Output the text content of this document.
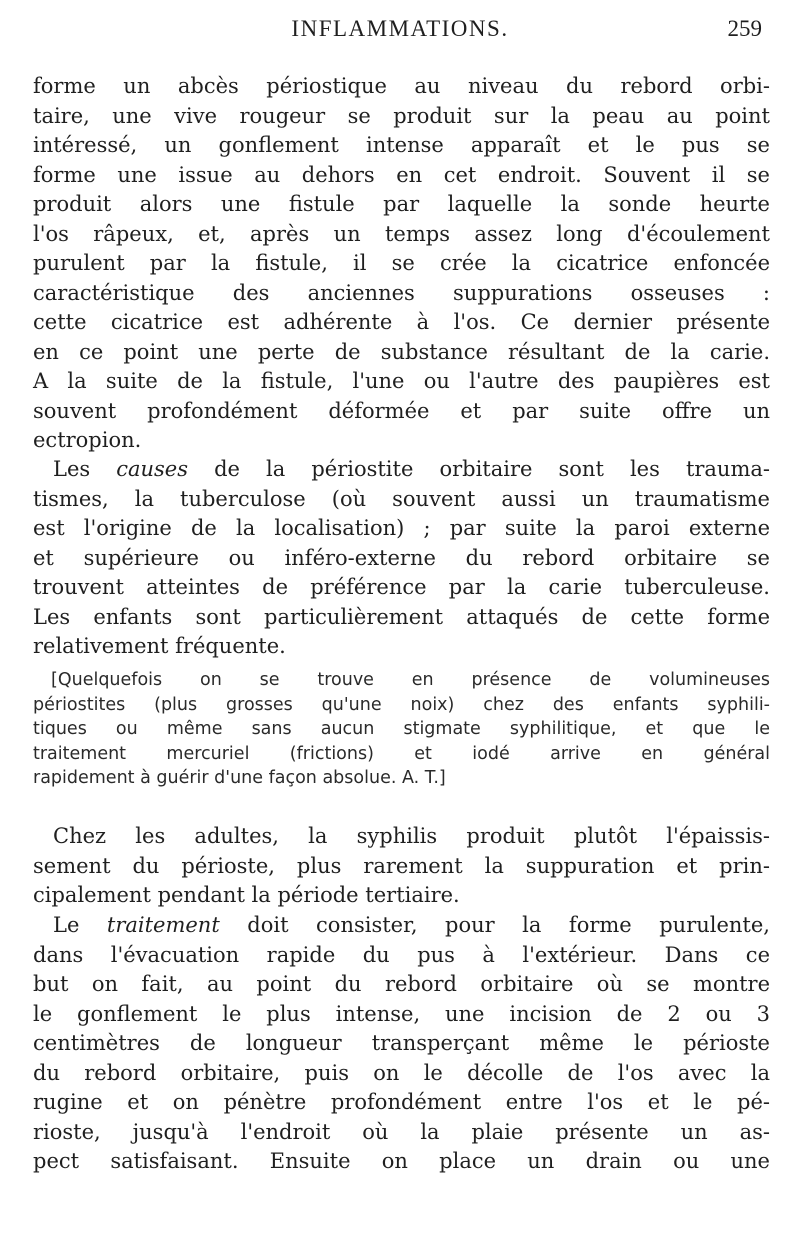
INFLAMMATIONS.	259
forme un abcès périostique au niveau du rebord orbi-
taire, une vive rougeur se produit sur la peau au point
intéressé, un gonflement intense apparaît et le pus se
forme une issue au dehors en cet endroit. Souvent il se
produit alors une fistule par laquelle la sonde heurte
l'os râpeux, et, après un temps assez long d'écoulement
purulent par la fistule, il se crée la cicatrice enfoncée
caractéristique des anciennes suppurations osseuses :
cette cicatrice est adhérente à l'os. Ce dernier présente
en ce point une perte de substance résultant de la carie.
A la suite de la fistule, l'une ou l'autre des paupières est
souvent profondément déformée et par suite offre un
ectropion.
Les causes de la périostite orbitaire sont les trauma-
tismes, la tuberculose (où souvent aussi un traumatisme
est l'origine de la localisation) ; par suite la paroi externe
et supérieure ou inféro-externe du rebord orbitaire se
trouvent atteintes de préférence par la carie tuberculeuse.
Les enfants sont particulièrement attaqués de cette forme
relativement fréquente.
[Quelquefois on se trouve en présence de volumineuses
périostites (plus grosses qu'une noix) chez des enfants syphili-
tiques ou même sans aucun stigmate syphilitique, et que le
traitement mercuriel (frictions) et iodé arrive en général
rapidement à guérir d'une façon absolue. A. T.]
Chez les adultes, la syphilis produit plutôt l'épaissis-
sement du périoste, plus rarement la suppuration et prin-
cipalement pendant la période tertiaire.
Le traitement doit consister, pour la forme purulente,
dans l'évacuation rapide du pus à l'extérieur. Dans ce
but on fait, au point du rebord orbitaire où se montre
le gonflement le plus intense, une incision de 2 ou 3
centimètres de longueur transperçant même le périoste
du rebord orbitaire, puis on le décolle de l'os avec la
rugine et on pénètre profondément entre l'os et le pé-
rioste, jusqu'à l'endroit où la plaie présente un as-
pect satisfaisant. Ensuite on place un drain ou une
